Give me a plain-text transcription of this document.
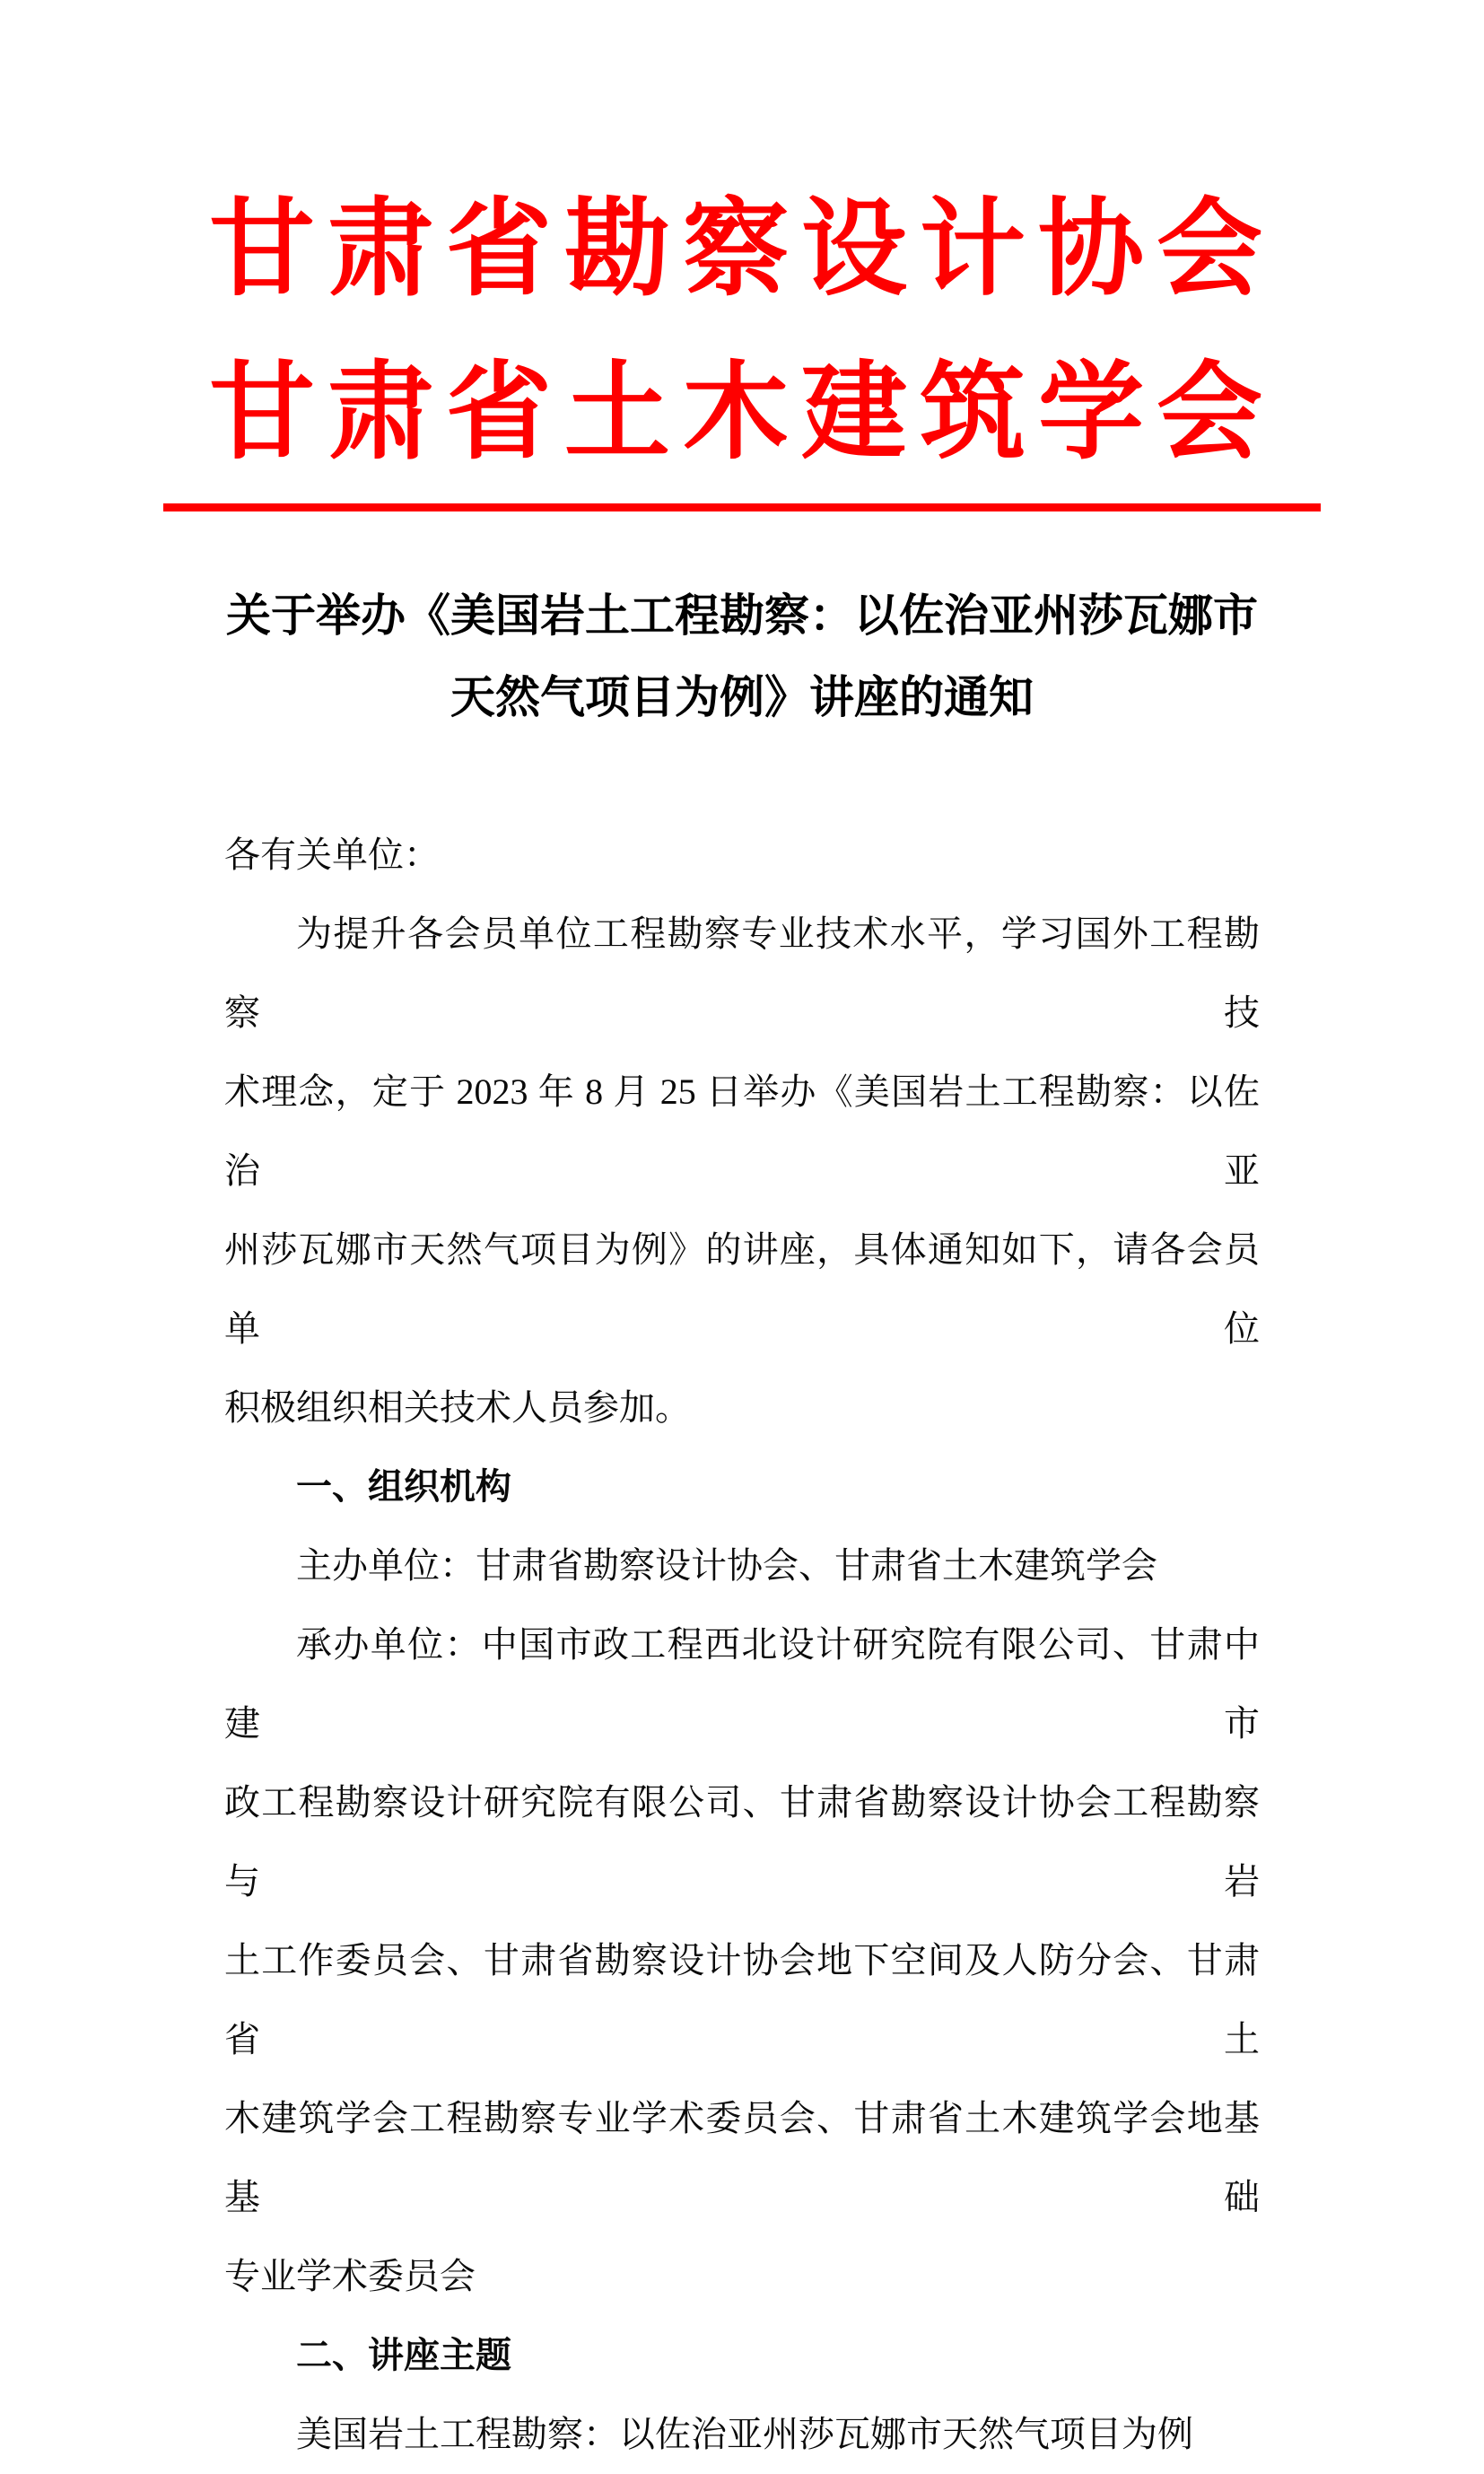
甘肃省勘察设计协会
甘肃省土木建筑学会
关于举办《美国岩土工程勘察：以佐治亚州莎瓦娜市
天然气项目为例》讲座的通知
各有关单位：
为提升各会员单位工程勘察专业技术水平，学习国外工程勘察技
术理念，定于 2023 年 8 月 25 日举办《美国岩土工程勘察：以佐治亚
州莎瓦娜市天然气项目为例》的讲座，具体通知如下，请各会员单位
积极组织相关技术人员参加。
一、组织机构
主办单位：甘肃省勘察设计协会、甘肃省土木建筑学会
承办单位：中国市政工程西北设计研究院有限公司、甘肃中建市
政工程勘察设计研究院有限公司、甘肃省勘察设计协会工程勘察与岩
土工作委员会、甘肃省勘察设计协会地下空间及人防分会、甘肃省土
木建筑学会工程勘察专业学术委员会、甘肃省土木建筑学会地基基础
专业学术委员会
二、讲座主题
美国岩土工程勘察：以佐治亚州莎瓦娜市天然气项目为例
